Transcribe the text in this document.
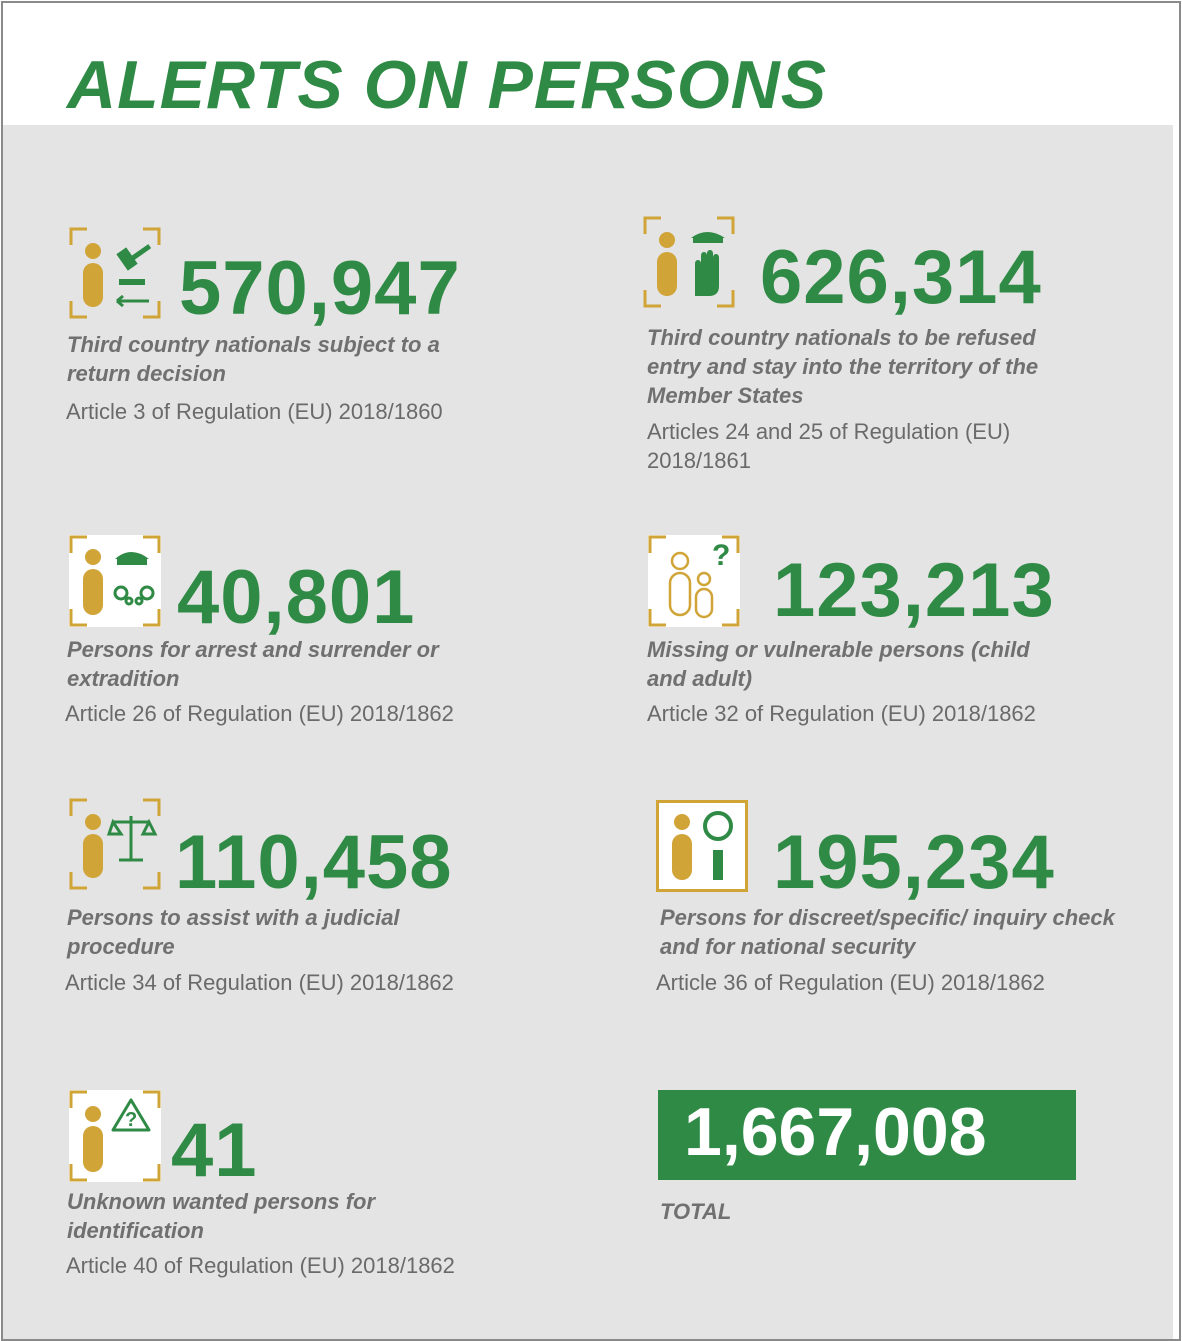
ALERTS ON PERSONS
570,947

Third country nationals subject to a return decision

Article 3 of Regulation (EU) 2018/1860

626,314

Third country nationals to be refused entry and stay into the territory of the Member States

Articles 24 and 25 of Regulation (EU) 2018/1861

40,801

Persons for arrest and surrender or extradition

Article 26 of Regulation (EU) 2018/1862

? 123,213

Missing or vulnerable persons (child and adult)

Article 32 of Regulation (EU) 2018/1862

110,458

Persons to assist with a judicial procedure

Article 34 of Regulation (EU) 2018/1862

195,234

Persons for discreet/specific/ inquiry check and for national security

Article 36 of Regulation (EU) 2018/1862

? 41

Unknown wanted persons for identification

Article 40 of Regulation (EU) 2018/1862

1,667,008

TOTAL
